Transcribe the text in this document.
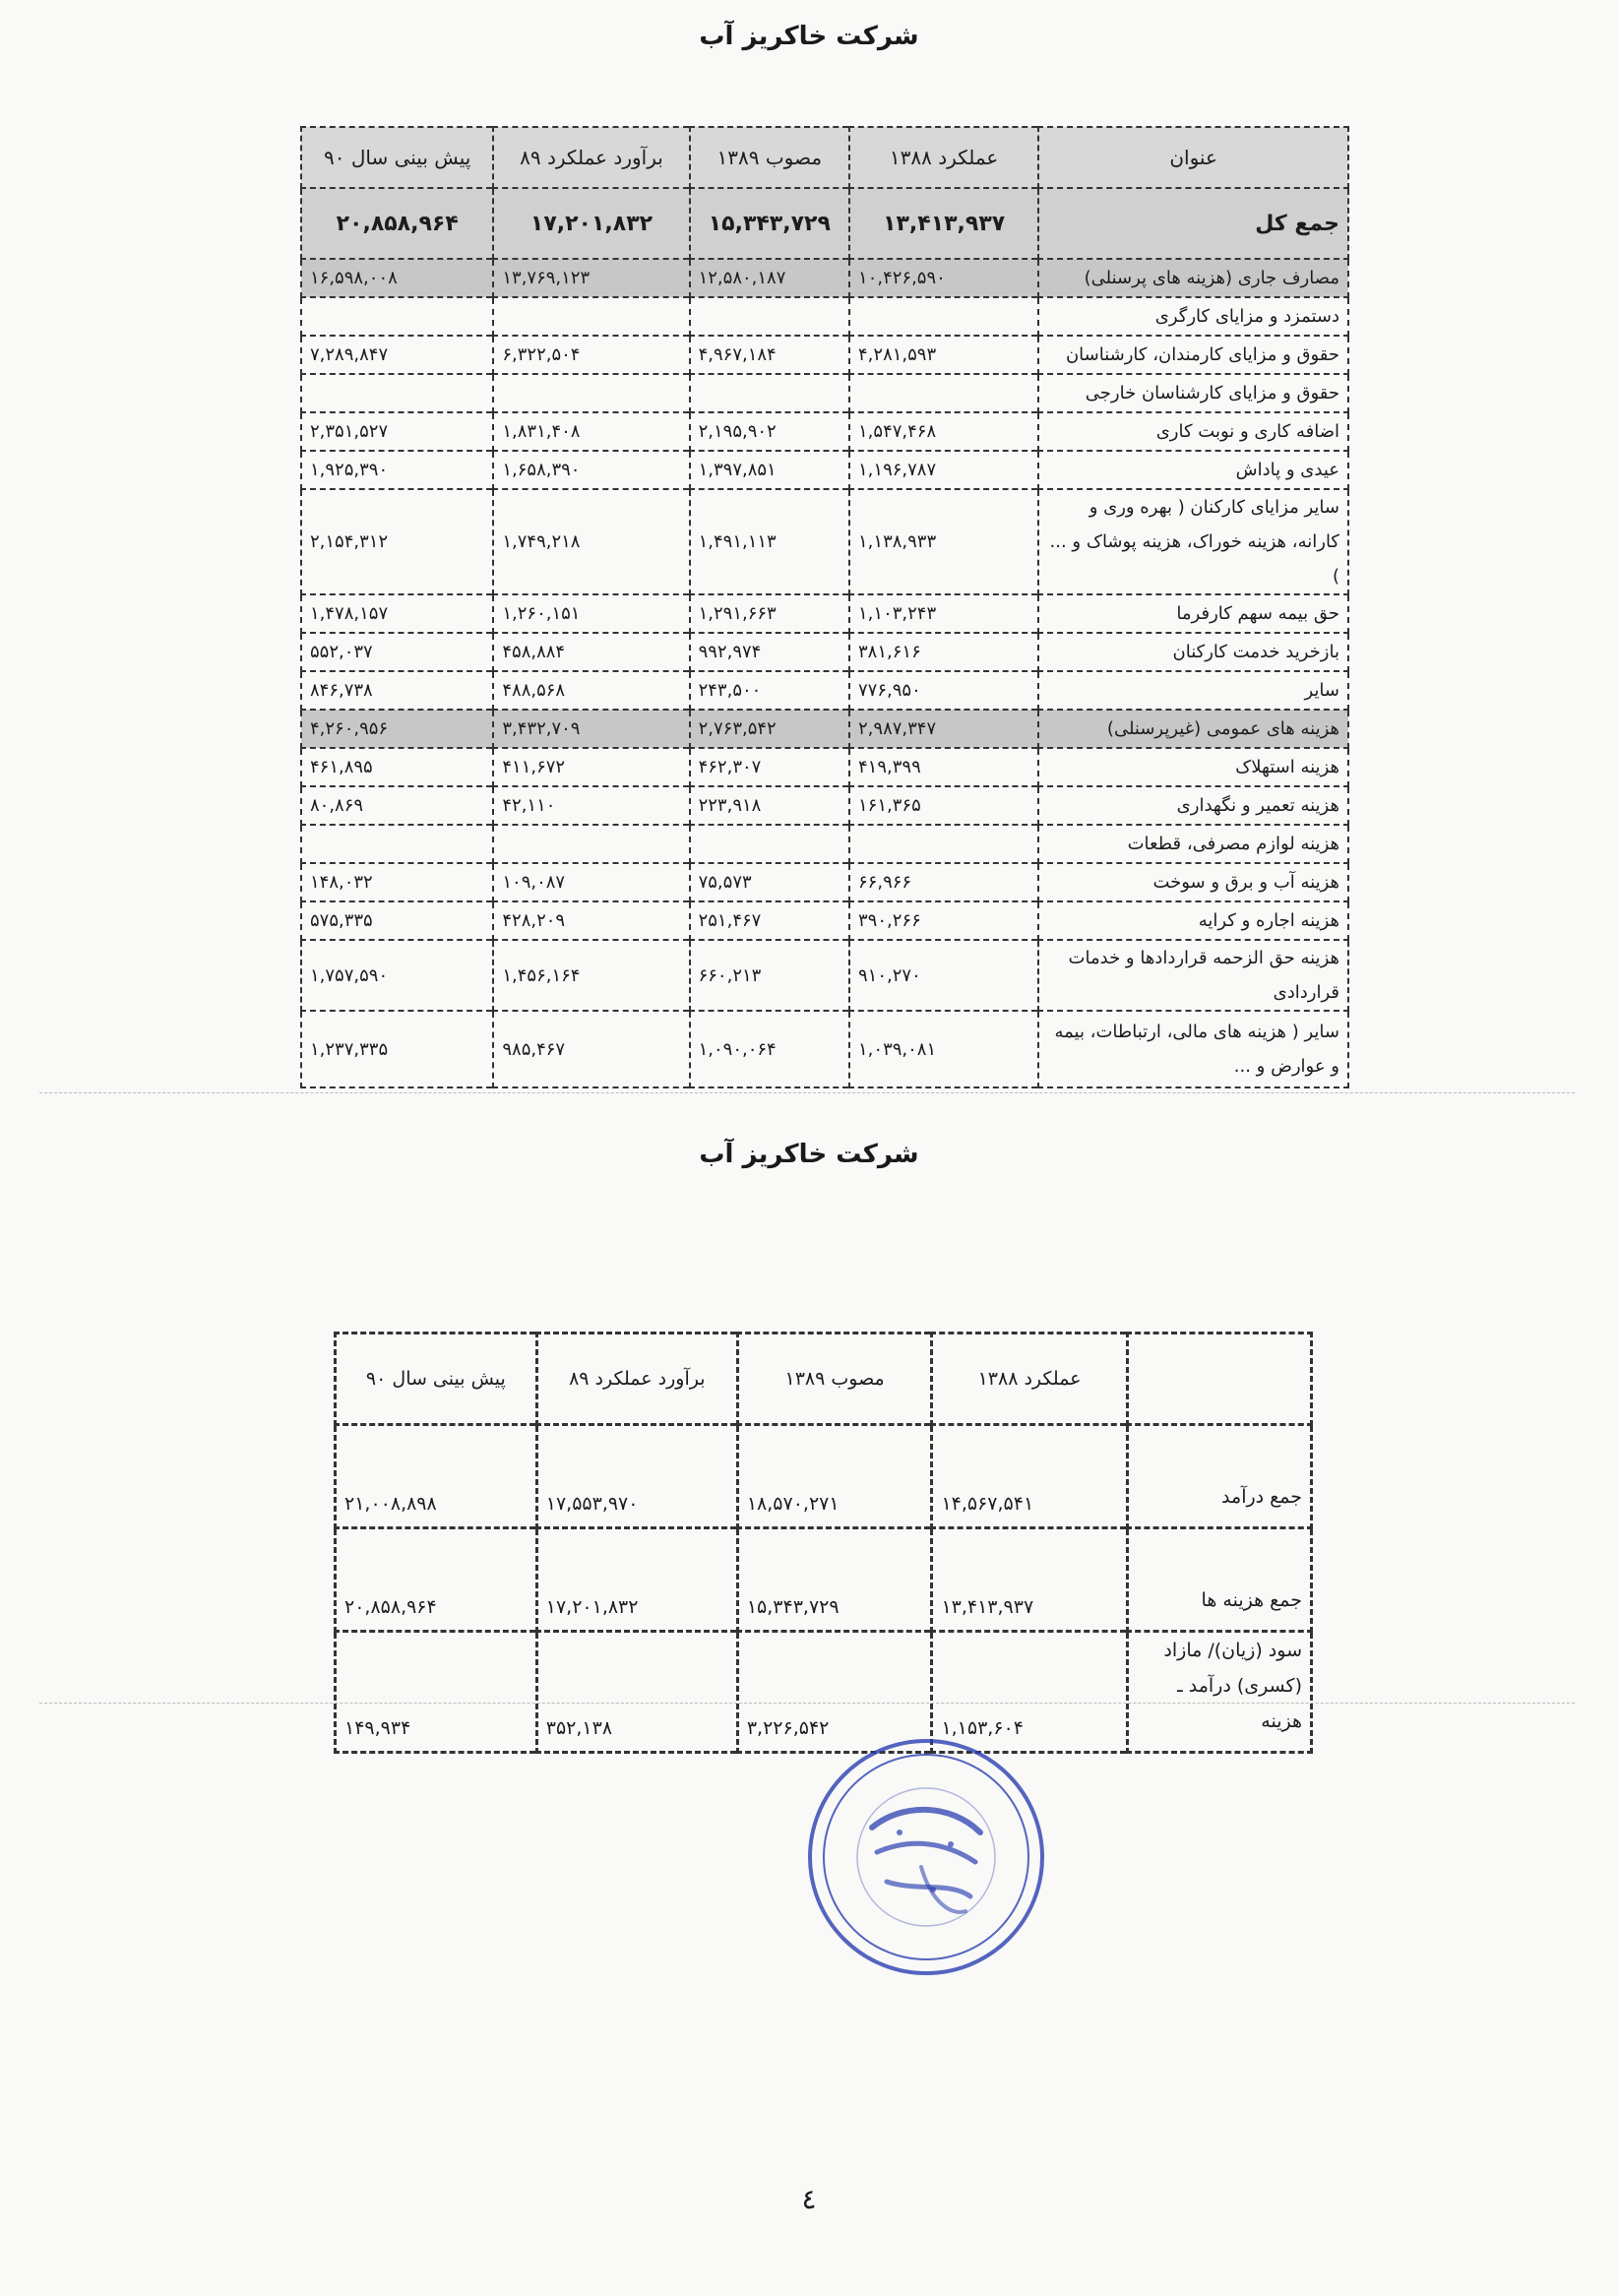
شرکت خاکریز آب
عنوان	عملکرد ۱۳۸۸	مصوب ۱۳۸۹	برآورد عملکرد ۸۹	پیش بینی سال ۹۰
جمع کل	۱۳,۴۱۳,۹۳۷	۱۵,۳۴۳,۷۲۹	۱۷,۲۰۱,۸۳۲	۲۰,۸۵۸,۹۶۴
مصارف جاری (هزینه های پرسنلی)	۱۰,۴۲۶,۵۹۰	۱۲,۵۸۰,۱۸۷	۱۳,۷۶۹,۱۲۳	۱۶,۵۹۸,۰۰۸
دستمزد و مزایای کارگری				
حقوق و مزایای کارمندان، کارشناسان	۴,۲۸۱,۵۹۳	۴,۹۶۷,۱۸۴	۶,۳۲۲,۵۰۴	۷,۲۸۹,۸۴۷
حقوق و مزایای کارشناسان خارجی				
اضافه کاری و نوبت کاری	۱,۵۴۷,۴۶۸	۲,۱۹۵,۹۰۲	۱,۸۳۱,۴۰۸	۲,۳۵۱,۵۲۷
عیدی و پاداش	۱,۱۹۶,۷۸۷	۱,۳۹۷,۸۵۱	۱,۶۵۸,۳۹۰	۱,۹۲۵,۳۹۰
سایر مزایای کارکنان ( بهره وری و کارانه، هزینه خوراک، هزینه پوشاک و ... )	۱,۱۳۸,۹۳۳	۱,۴۹۱,۱۱۳	۱,۷۴۹,۲۱۸	۲,۱۵۴,۳۱۲
حق بیمه سهم کارفرما	۱,۱۰۳,۲۴۳	۱,۲۹۱,۶۶۳	۱,۲۶۰,۱۵۱	۱,۴۷۸,۱۵۷
بازخرید خدمت کارکنان	۳۸۱,۶۱۶	۹۹۲,۹۷۴	۴۵۸,۸۸۴	۵۵۲,۰۳۷
سایر	۷۷۶,۹۵۰	۲۴۳,۵۰۰	۴۸۸,۵۶۸	۸۴۶,۷۳۸
هزینه های عمومی (غیرپرسنلی)	۲,۹۸۷,۳۴۷	۲,۷۶۳,۵۴۲	۳,۴۳۲,۷۰۹	۴,۲۶۰,۹۵۶
هزینه استهلاک	۴۱۹,۳۹۹	۴۶۲,۳۰۷	۴۱۱,۶۷۲	۴۶۱,۸۹۵
هزینه تعمیر و نگهداری	۱۶۱,۳۶۵	۲۲۳,۹۱۸	۴۲,۱۱۰	۸۰,۸۶۹
هزینه لوازم مصرفی، قطعات				
هزینه آب و برق و سوخت	۶۶,۹۶۶	۷۵,۵۷۳	۱۰۹,۰۸۷	۱۴۸,۰۳۲
هزینه اجاره و کرایه	۳۹۰,۲۶۶	۲۵۱,۴۶۷	۴۲۸,۲۰۹	۵۷۵,۳۳۵
هزینه حق الزحمه قراردادها و خدمات قراردادی	۹۱۰,۲۷۰	۶۶۰,۲۱۳	۱,۴۵۶,۱۶۴	۱,۷۵۷,۵۹۰
سایر ( هزینه های مالی، ارتباطات، بیمه و عوارض و ...	۱,۰۳۹,۰۸۱	۱,۰۹۰,۰۶۴	۹۸۵,۴۶۷	۱,۲۳۷,۳۳۵
شرکت خاکریز آب
	عملکرد ۱۳۸۸	مصوب ۱۳۸۹	برآورد عملکرد ۸۹	پیش بینی سال ۹۰
جمع درآمد	۱۴,۵۶۷,۵۴۱	۱۸,۵۷۰,۲۷۱	۱۷,۵۵۳,۹۷۰	۲۱,۰۰۸,۸۹۸
جمع هزینه ها	۱۳,۴۱۳,۹۳۷	۱۵,۳۴۳,۷۲۹	۱۷,۲۰۱,۸۳۲	۲۰,۸۵۸,۹۶۴
سود (زیان)/ مازاد (کسری) درآمد ـ هزینه	۱,۱۵۳,۶۰۴	۳,۲۲۶,۵۴۲	۳۵۲,۱۳۸	۱۴۹,۹۳۴
٤
